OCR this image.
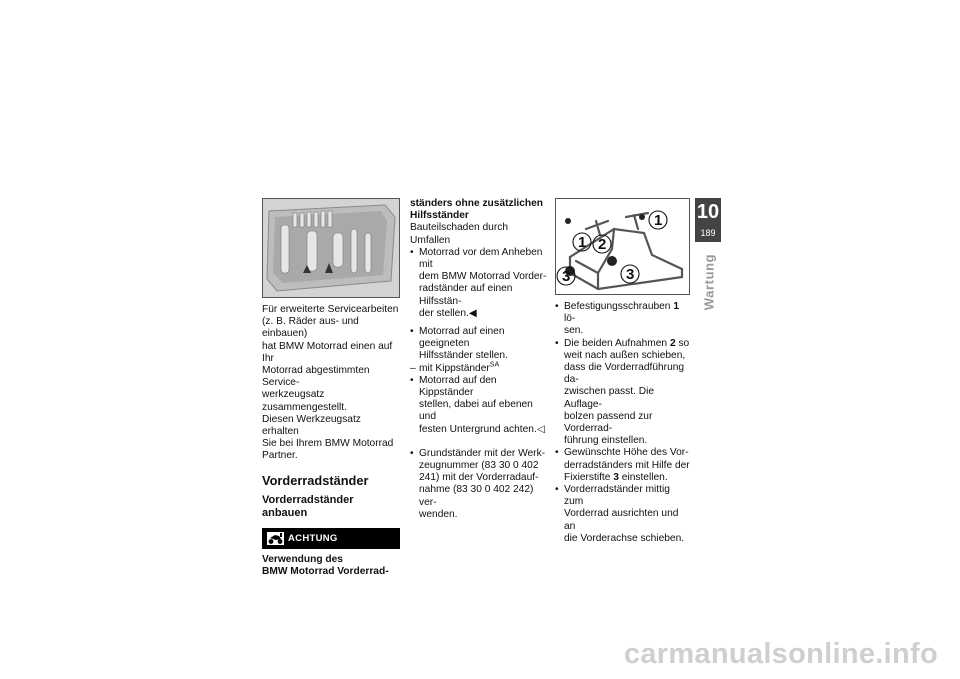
Für erweiterte Servicearbeiten

(z. B. Räder aus- und einbauen)

hat BMW Motorrad einen auf Ihr

Motorrad abgestimmten Service-

werkzeugsatz zusammengestellt.

Diesen Werkzeugsatz erhalten

Sie bei Ihrem BMW Motorrad

Partner.

Vorderradständer

Vorderradständer

anbauen

ACHTUNG

Verwendung des

BMW Motorrad Vorderrad-

ständers ohne zusätzlichen

Hilfsständer

Bauteilschaden durch Umfallen

• Motorrad vor dem Anheben mit

dem BMW Motorrad Vorder-

radständer auf einen Hilfsstän-

der stellen.◀

• Motorrad auf einen geeigneten

Hilfsständer stellen.

– mit Kippständer$^{SA}$
• Motorrad auf den Kippständer

stellen, dabei auf ebenen und

festen Untergrund achten.◁

• Grundständer mit der Werk-

zeugnummer (83 30 0 402

241) mit der Vorderradauf-

nahme (83 30 0 402 242) ver-

wenden.

1
1 2
3	3
• Befestigungsschrauben 1 lö-

sen.

• Die beiden Aufnahmen 2 so

weit nach außen schieben,

dass die Vorderradführung da-

zwischen passt. Die Auflage-

bolzen passend zur Vorderrad-

führung einstellen.

• Gewünschte Höhe des Vor-

derradständers mit Hilfe der

Fixierstifte 3 einstellen.

• Vorderradständer mittig zum

Vorderrad ausrichten und an

die Vorderachse schieben.

10
189
Wartung
carmanualsonline.info
